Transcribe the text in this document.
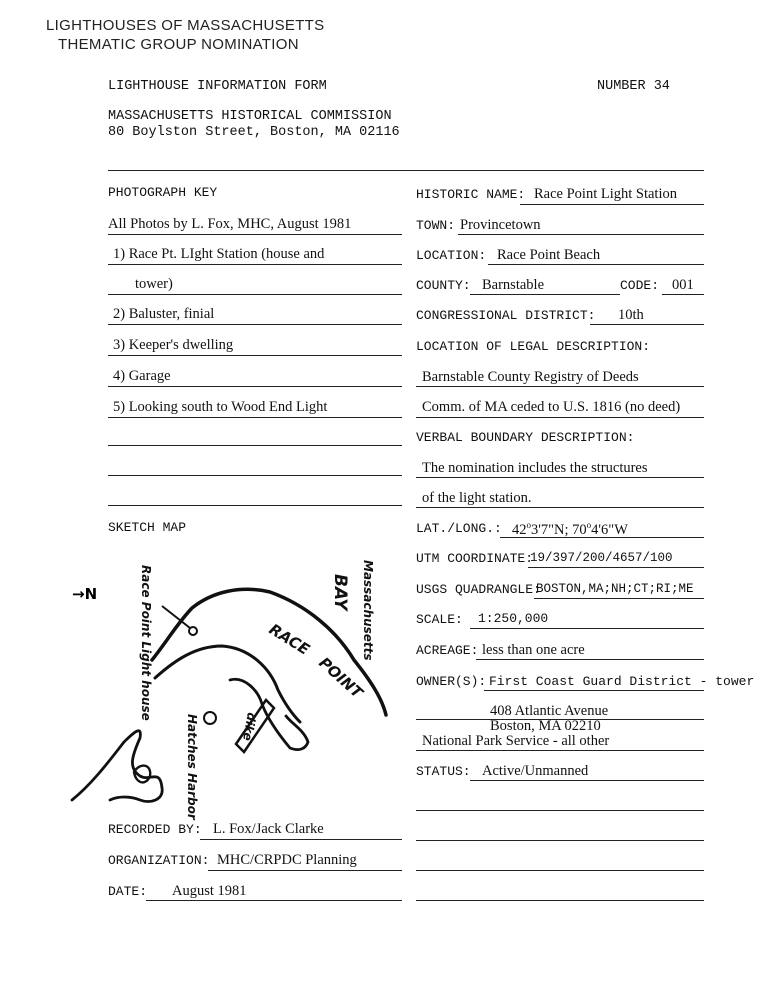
LIGHTHOUSES OF MASSACHUSETTS
THEMATIC GROUP NOMINATION
LIGHTHOUSE INFORMATION FORM	NUMBER 34
MASSACHUSETTS HISTORICAL COMMISSION
80 Boylston Street, Boston, MA 02116
PHOTOGRAPH KEY
All Photos by L. Fox, MHC, August 1981
1) Race Pt. LIght Station (house and
tower)
2) Baluster, finial
3) Keeper's dwelling
4) Garage
5) Looking south to Wood End Light
SKETCH MAP
→N	Race Point Light house	Massachusetts
BAY
RACE
POINT
Hatches Harbor	dike
RECORDED BY: L. Fox/Jack Clarke
ORGANIZATION: MHC/CRPDC Planning
DATE: August 1981
HISTORIC NAME: Race Point Light Station
TOWN: Provincetown
LOCATION: Race Point Beach
COUNTY: Barnstable	CODE: 001
CONGRESSIONAL DISTRICT: 10th
LOCATION OF LEGAL DESCRIPTION:
Barnstable County Registry of Deeds
Comm. of MA ceded to U.S. 1816 (no deed)
VERBAL BOUNDARY DESCRIPTION:
The nomination includes the structures
of the light station.
LAT./LONG.: 42$^o$3'7"N; 70$^o$4'6"W
UTM COORDINATE:
19/397/200/4657/100
USGS QUADRANGLE:
BOSTON,MA;NH;CT;RI;ME
SCALE: 1:250,000
ACREAGE: less than one acre
OWNER(S): First Coast Guard District - tower
408 Atlantic Avenue
Boston, MA 02210
National Park Service - all other
STATUS: Active/Unmanned
